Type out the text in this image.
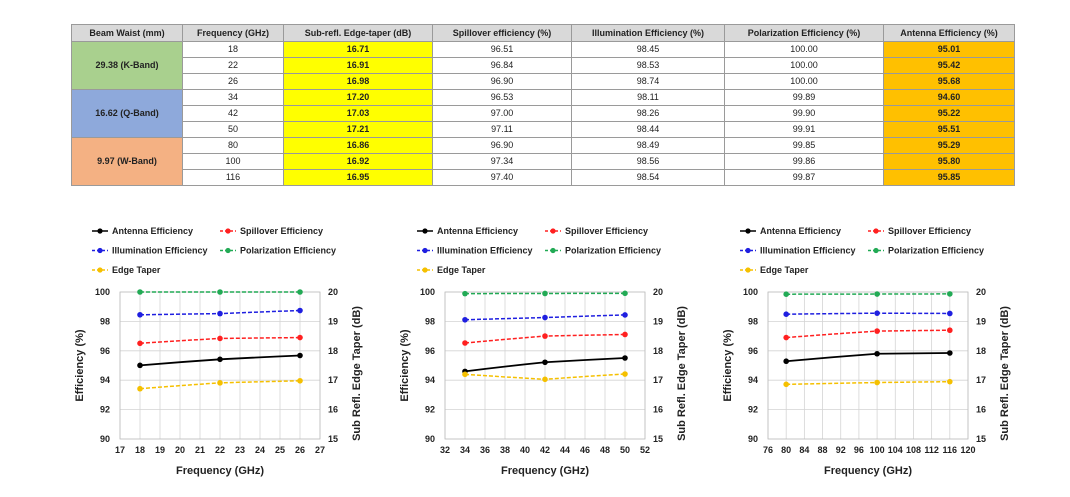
Beam Waist (mm)	Frequency (GHz)	Sub-refl. Edge-taper (dB)	Spillover efficiency (%)	Illumination Efficiency (%)	Polarization Efficiency (%)	Antenna Efficiency (%)
29.38 (K-Band)	18	16.71	96.51	98.45	100.00	95.01
	22	16.91	96.84	98.53	100.00	95.42
	26	16.98	96.90	98.74	100.00	95.68
16.62 (Q-Band)	34	17.20	96.53	98.11	99.89	94.60
	42	17.03	97.00	98.26	99.90	95.22
	50	17.21	97.11	98.44	99.91	95.51
9.97 (W-Band)	80	16.86	96.90	98.49	99.85	95.29
	100	16.92	97.34	98.56	99.86	95.80
	116	16.95	97.40	98.54	99.87	95.85
Antenna Efficiency	Spillover Efficiency
Illumination Efficiency	Polarization Efficiency
Edge Taper
90
92
94
96
98
100
15
16
17
18
19
20
17 18 19 20 21 22 23 24 25 26 27
Frequency (GHz)
Efficiency (%)	Sub Refl. Edge Taper (dB)
Antenna Efficiency	Spillover Efficiency
Illumination Efficiency	Polarization Efficiency
Edge Taper
90
92
94
96
98
100
15
16
17
18
19
20
32 34 36 38 40 42 44 46 48 50 52
Frequency (GHz)
Efficiency (%)	Sub Refl. Edge Taper (dB)
Antenna Efficiency	Spillover Efficiency
Illumination Efficiency	Polarization Efficiency
Edge Taper
90
92
94
96
98
100
15
16
17
18
19
20
76 80 84 88 92 96 100 104 108 112 116 120
Frequency (GHz)
Efficiency (%)	Sub Refl. Edge Taper (dB)
